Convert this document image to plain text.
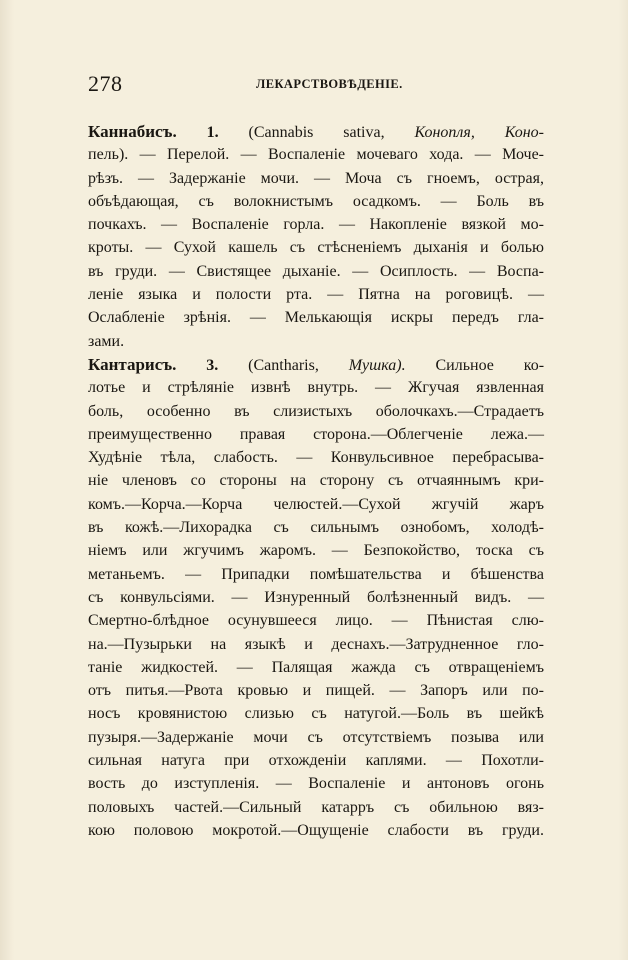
278	ЛЕКАРСТВОВѢДЕНІЕ.
Каннабисъ. 1. (Cannabis sativa, Конопля, Коно-
пель). — Перелой. — Воспаленіе мочеваго хода. — Моче-
рѣзъ. — Задержаніе мочи. — Моча съ гноемъ, острая,
объѣдающая, съ волокнистымъ осадкомъ. — Боль въ
почкахъ. — Воспаленіе горла. — Накопленіе вязкой мо-
кроты. — Сухой кашель съ стѣсненіемъ дыханія и болью
въ груди. — Свистящее дыханіе. — Осиплость. — Воспа-
леніе языка и полости рта. — Пятна на роговицѣ. —
Ослабленіе зрѣнія. — Мелькающія искры передъ гла-
зами.
Кантарисъ. 3. (Cantharis, Мушка). Сильное ко-
лотье и стрѣляніе извнѣ внутрь. — Жгучая язвленная
боль, особенно въ слизистыхъ оболочкахъ.—Страдаетъ
преимущественно правая сторона.—Облегченіе лежа.—
Худѣніе тѣла, слабость. — Конвульсивное перебрасыва-
ніе членовъ со стороны на сторону съ отчаяннымъ кри-
комъ.—Корча.—Корча челюстей.—Сухой жгучій жаръ
въ кожѣ.—Лихорадка съ сильнымъ ознобомъ, холодѣ-
ніемъ или жгучимъ жаромъ. — Безпокойство, тоска съ
метаньемъ. — Припадки помѣшательства и бѣшенства
съ конвульсіями. — Изнуренный болѣзненный видъ. —
Смертно-блѣдное осунувшееся лицо. — Пѣнистая слю-
на.—Пузырьки на языкѣ и деснахъ.—Затрудненное гло-
таніе жидкостей. — Палящая жажда съ отвращеніемъ
отъ питья.—Рвота кровью и пищей. — Запоръ или по-
носъ кровянистою слизью съ натугой.—Боль въ шейкѣ
пузыря.—Задержаніе мочи съ отсутствіемъ позыва или
сильная натуга при отхожденіи каплями. — Похотли-
вость до изступленія. — Воспаленіе и антоновъ огонь
половыхъ частей.—Сильный катарръ съ обильною вяз-
кою половою мокротой.—Ощущеніе слабости въ груди.
